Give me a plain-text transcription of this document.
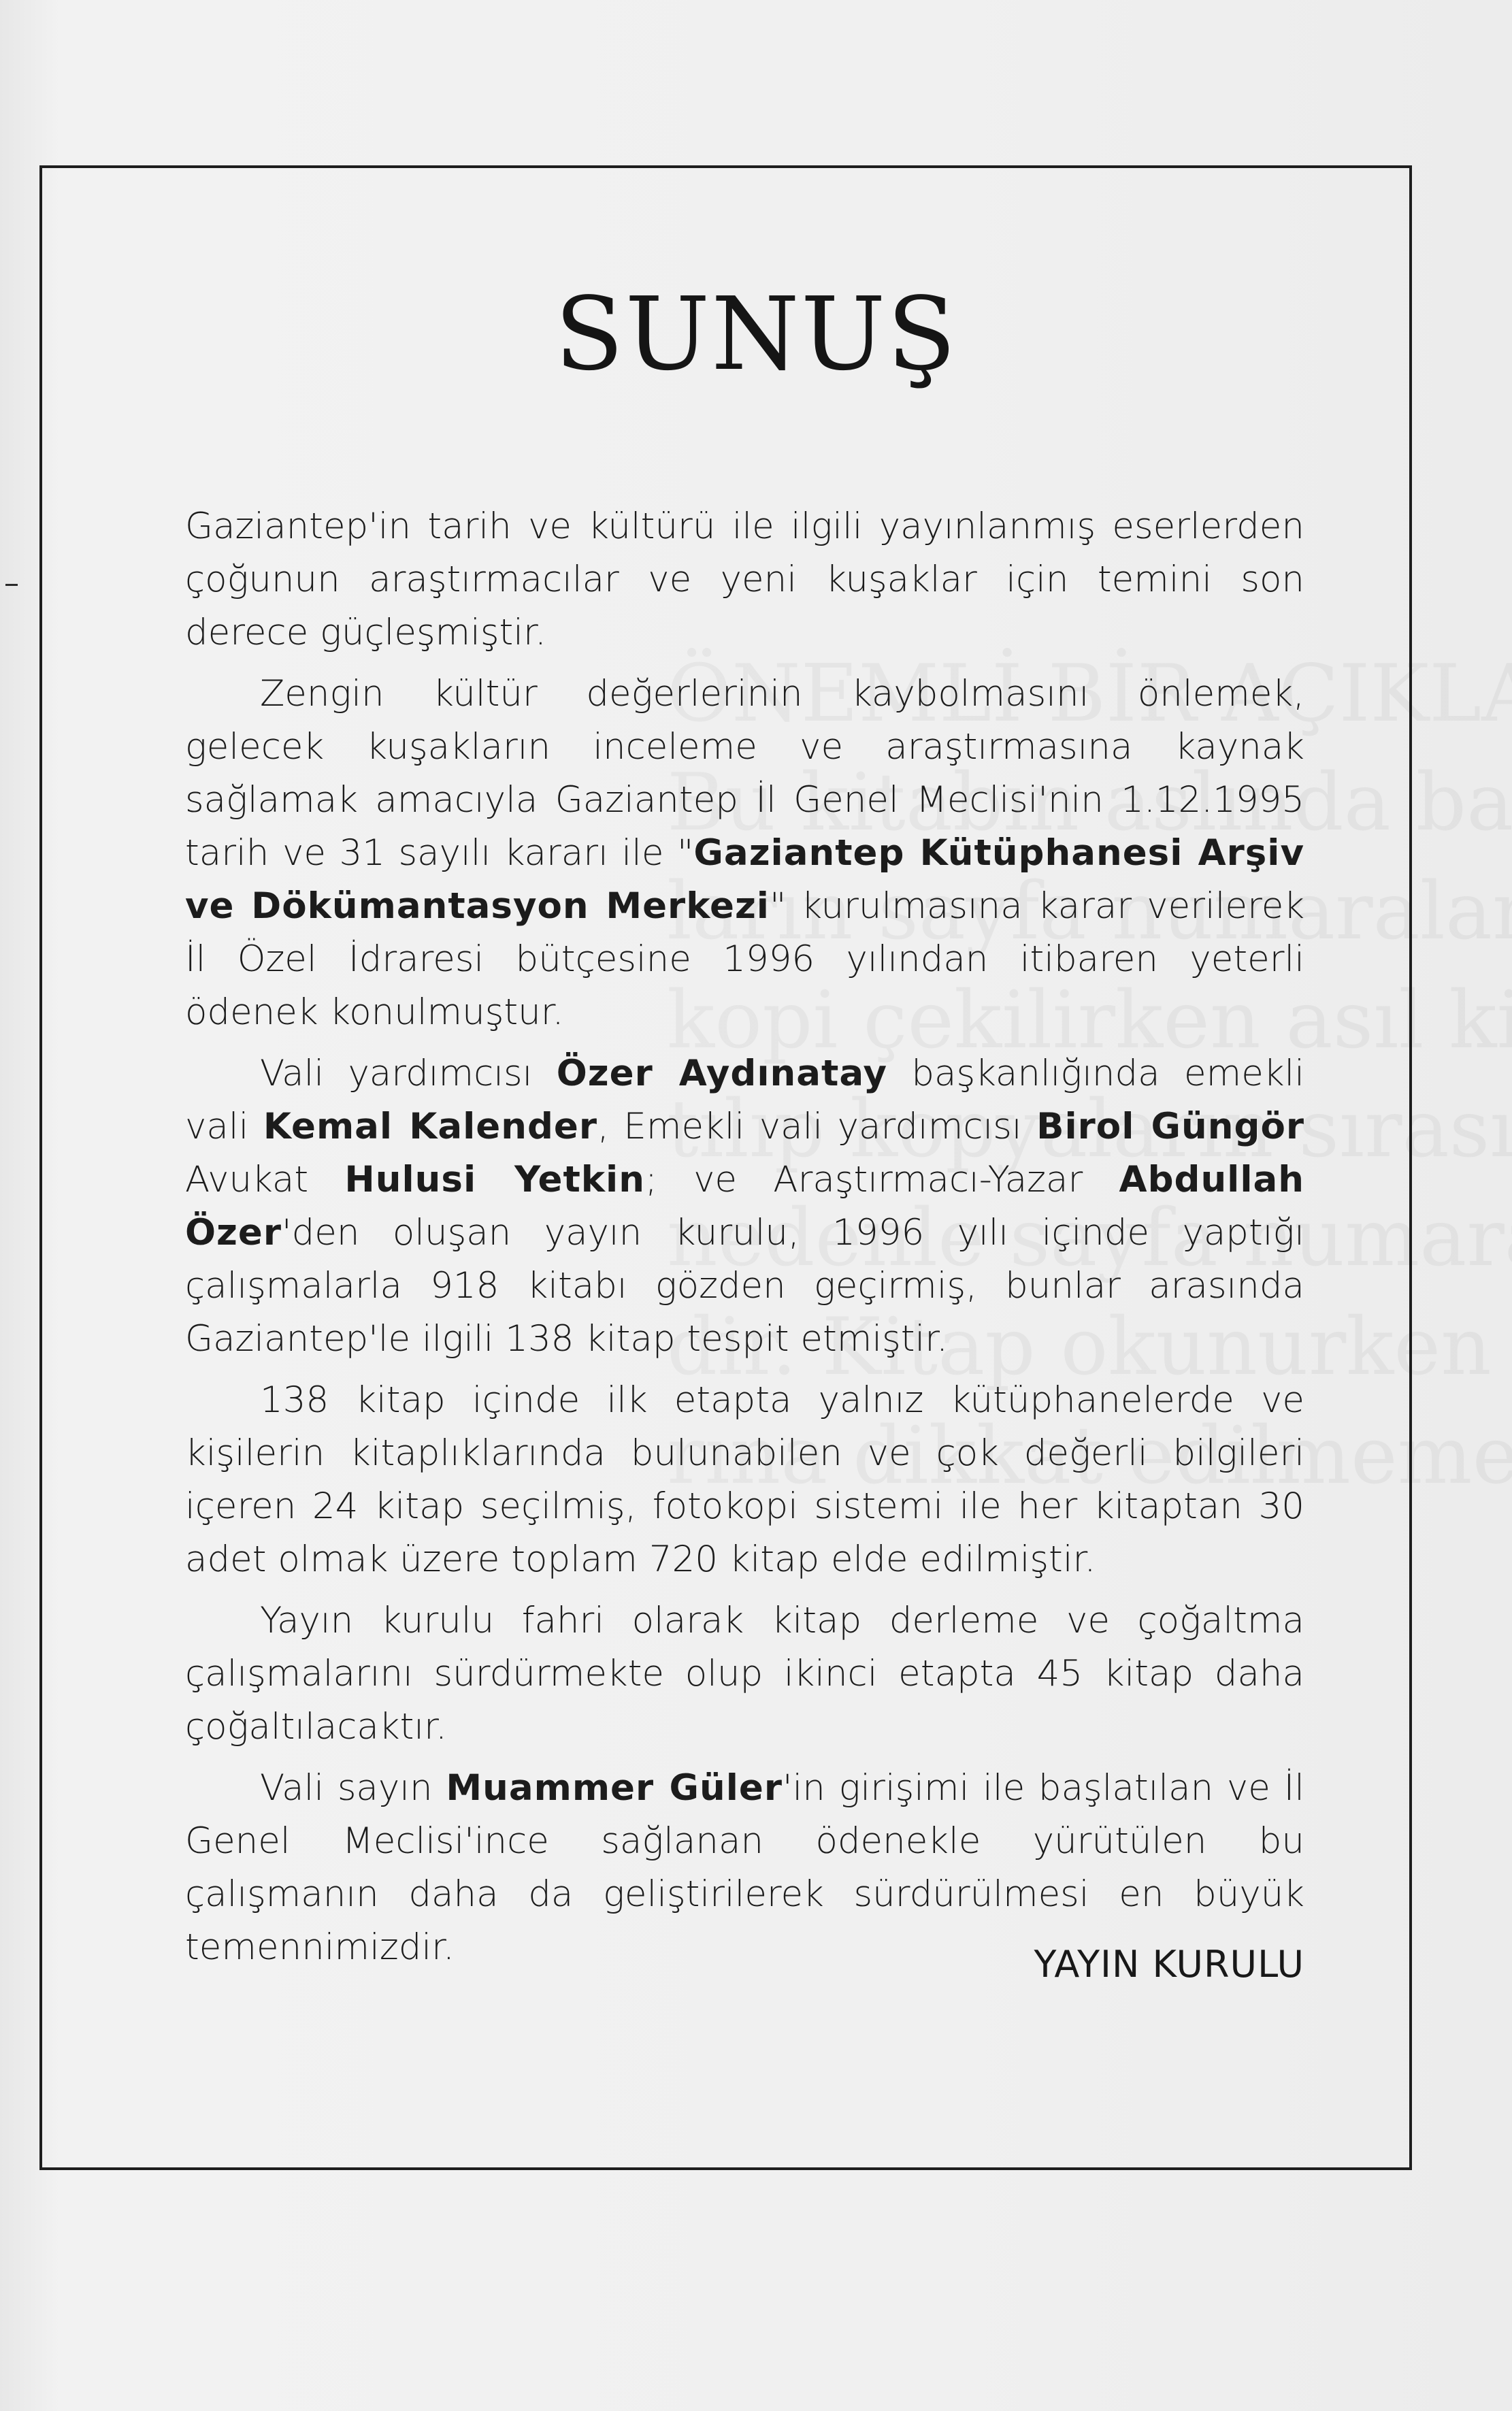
SUNUŞ

Gaziantep'in tarih ve kültürü ile ilgili yayınlanmış eserlerden çoğunun araştırmacılar ve yeni kuşaklar için temini son derece güçleşmiştir.

Zengin kültür değerlerinin kaybolmasını önlemek, gelecek kuşakların inceleme ve araştırmasına kaynak sağlamak amacıyla Gaziantep İl Genel Meclisi'nin 1.12.1995 tarih ve 31 sayılı kararı ile "Gaziantep Kütüphanesi Arşiv ve Dökümantasyon Merkezi" kurulmasına karar verilerek İl Özel İdraresi bütçesine 1996 yılından itibaren yeterli ödenek konulmuştur.

Vali yardımcısı Özer Aydınatay başkanlığında emekli vali Kemal Kalender, Emekli vali yardımcısı Birol Güngör Avukat Hulusi Yetkin; ve Araştırmacı-Yazar Abdullah Özer'den oluşan yayın kurulu, 1996 yılı içinde yaptığı çalışmalarla 918 kitabı gözden geçirmiş, bunlar arasında Gaziantep'le ilgili 138 kitap tespit etmiştir.

138 kitap içinde ilk etapta yalnız kütüphanelerde ve kişilerin kitaplıklarında bulunabilen ve çok değerli bilgileri içeren 24 kitap seçilmiş, fotokopi sistemi ile her kitaptan 30 adet olmak üzere toplam 720 kitap elde edilmiştir.

Yayın kurulu fahri olarak kitap derleme ve çoğaltma çalışmalarını sürdürmekte olup ikinci etapta 45 kitap daha çoğaltılacaktır.

Vali sayın Muammer Güler'in girişimi ile başlatılan ve İl Genel Meclisi'ince sağlanan ödenekle yürütülen bu çalışmanın daha da geliştirilerek sürdürülmesi en büyük temennimizdir.	YAYIN KURULU
